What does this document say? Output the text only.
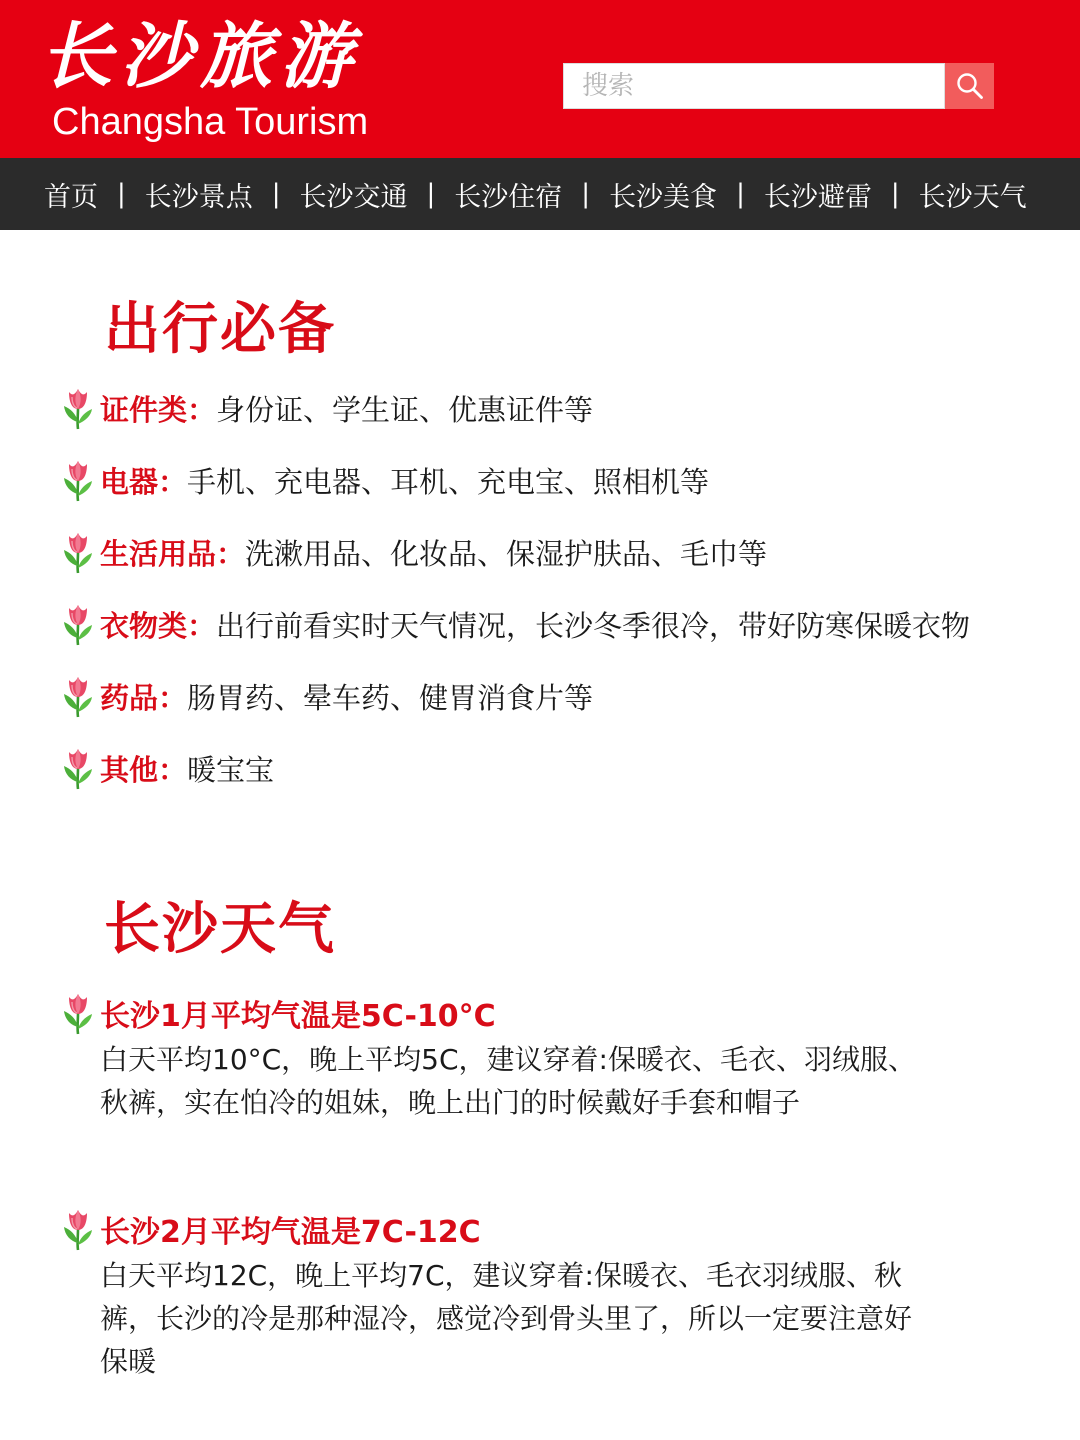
长沙旅游
Changsha Tourism
搜索
首页 | 长沙景点 | 长沙交通 | 长沙住宿 | 长沙美食 | 长沙避雷 | 长沙天气
出行必备
证件类： 身份证、学生证、优惠证件等
电器： 手机、充电器、耳机、充电宝、照相机等
生活用品： 洗漱用品、化妆品、保湿护肤品、毛巾等
衣物类： 出行前看实时天气情况，长沙冬季很冷，带好防寒保暖衣物
药品： 肠胃药、晕车药、健胃消食片等
其他： 暖宝宝
长沙天气
长沙1月平均气温是5C-10°C
白天平均10°C，晚上平均5C，建议穿着:保暖衣、毛衣、羽绒服、秋裤，实在怕冷的姐妹，晚上出门的时候戴好手套和帽子
长沙2月平均气温是7C-12C
白天平均12C，晚上平均7C，建议穿着:保暖衣、毛衣羽绒服、秋裤，长沙的冷是那种湿冷，感觉冷到骨头里了，所以一定要注意好保暖
